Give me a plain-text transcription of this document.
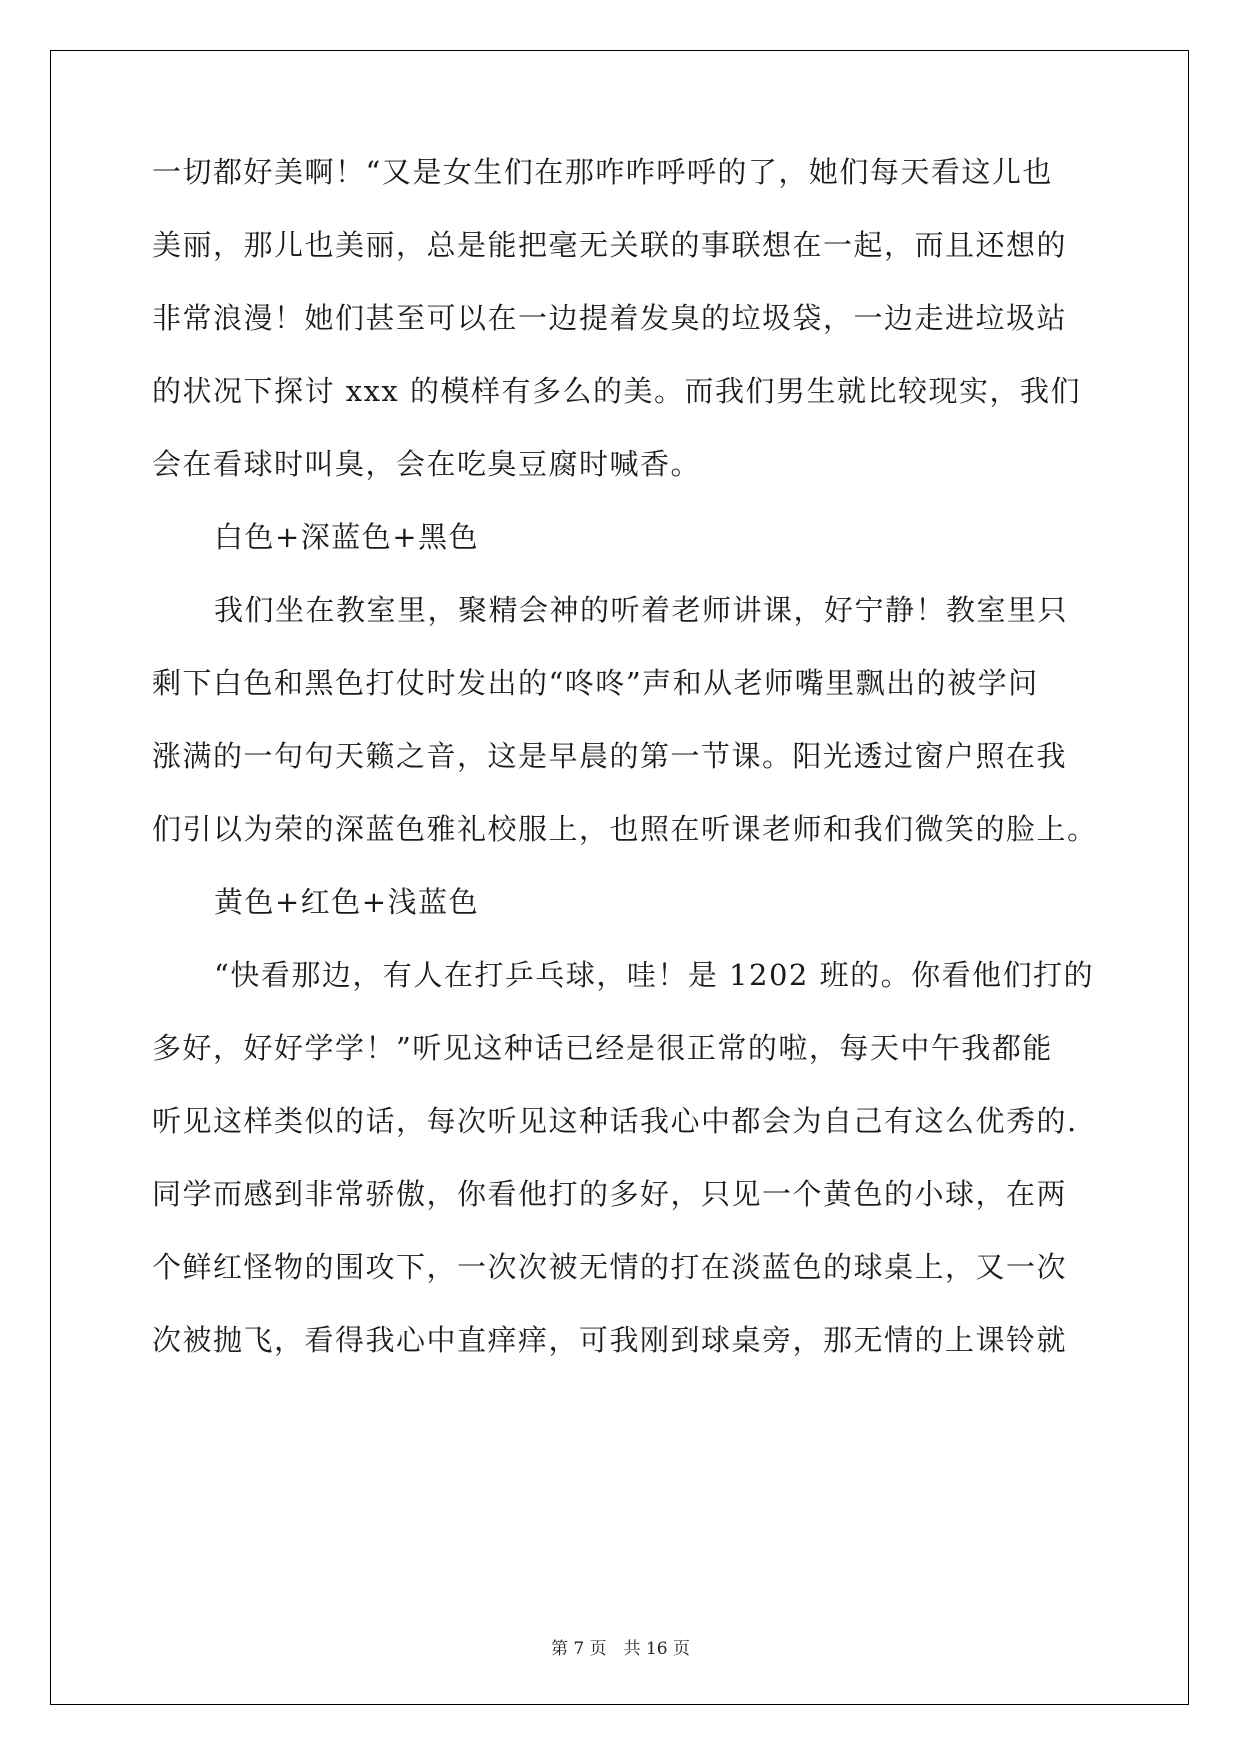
一切都好美啊！“又是女生们在那咋咋呼呼的了，她们每天看这儿也
美丽，那儿也美丽，总是能把毫无关联的事联想在一起，而且还想的
非常浪漫！她们甚至可以在一边提着发臭的垃圾袋，一边走进垃圾站
的状况下探讨 xxx 的模样有多么的美。而我们男生就比较现实，我们
会在看球时叫臭，会在吃臭豆腐时喊香。
白色+深蓝色+黑色
我们坐在教室里，聚精会神的听着老师讲课，好宁静！教室里只
剩下白色和黑色打仗时发出的“咚咚”声和从老师嘴里飘出的被学问
涨满的一句句天籁之音，这是早晨的第一节课。阳光透过窗户照在我
们引以为荣的深蓝色雅礼校服上，也照在听课老师和我们微笑的脸上。
黄色+红色+浅蓝色
“快看那边，有人在打乒乓球，哇！是 1202 班的。你看他们打的
多好，好好学学！”听见这种话已经是很正常的啦，每天中午我都能
听见这样类似的话，每次听见这种话我心中都会为自己有这么优秀的.
同学而感到非常骄傲，你看他打的多好，只见一个黄色的小球，在两
个鲜红怪物的围攻下，一次次被无情的打在淡蓝色的球桌上，又一次
次被抛飞，看得我心中直痒痒，可我刚到球桌旁，那无情的上课铃就
第 7 页　共 16 页
